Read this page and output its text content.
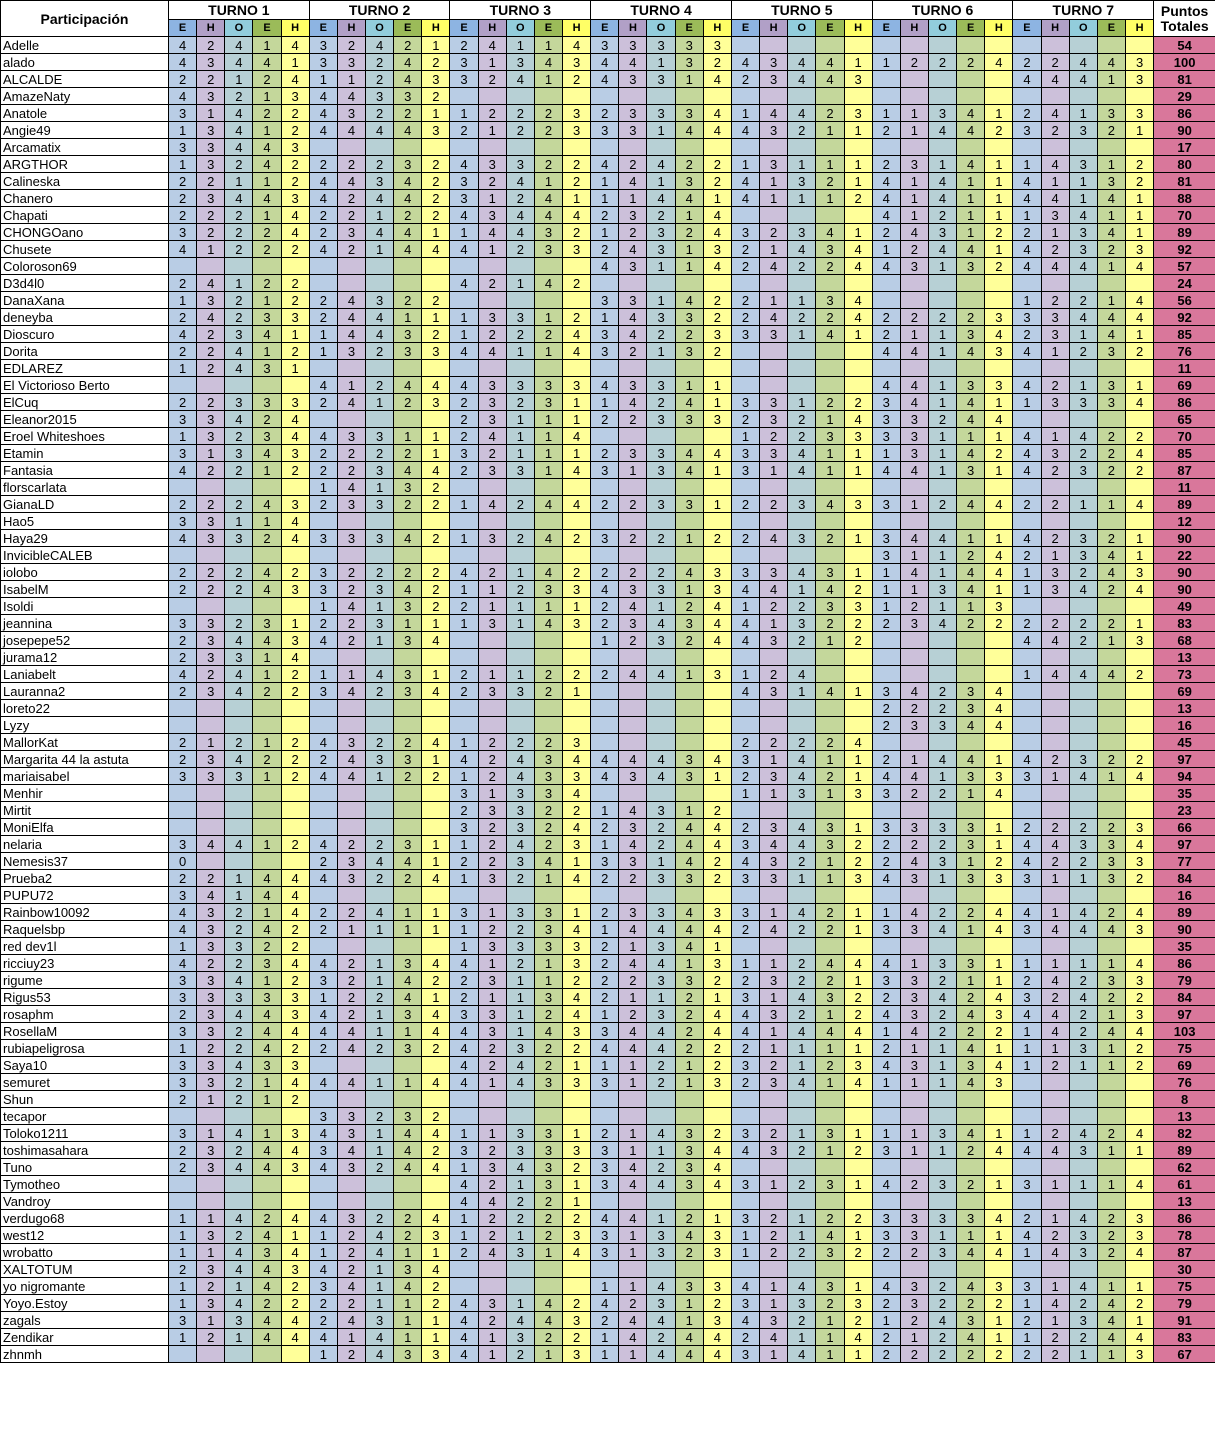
Participación	TURNO 1					TURNO 2					TURNO 3					TURNO 4					TURNO 5					TURNO 6					TURNO 7					Puntos
Totales
	E	H	O	E	H	E	H	O	E	H	E	H	O	E	H	E	H	O	E	H	E	H	O	E	H	E	H	O	E	H	E	H	O	E	H	
Adelle	4	2	4	1	4	3	2	4	2	1	2	4	1	1	4	3	3	3	3	3																54
alado	4	3	4	4	1	3	3	2	4	2	3	1	3	4	3	4	4	1	3	2	4	3	4	4	1	1	2	2	2	4	2	2	4	4	3	100
ALCALDE	2	2	1	2	4	1	1	2	4	3	3	2	4	1	2	4	3	3	1	4	2	3	4	4	3						4	4	4	1	3	81
AmazeNaty	4	3	2	1	3	4	4	3	3	2																										29
Anatole	3	1	4	2	2	4	3	2	2	1	1	2	2	2	3	2	3	3	3	4	1	4	4	2	3	1	1	3	4	1	2	4	1	3	3	86
Angie49	1	3	4	1	2	4	4	4	4	3	2	1	2	2	3	3	3	1	4	4	4	3	2	1	1	2	1	4	4	2	3	2	3	2	1	90
Arcamatix	3	3	4	4	3																															17
ARGTHOR	1	3	2	4	2	2	2	2	3	2	4	3	3	2	2	4	2	4	2	2	1	3	1	1	1	2	3	1	4	1	1	4	3	1	2	80
Calineska	2	2	1	1	2	4	4	3	4	2	3	2	4	1	2	1	4	1	3	2	4	1	3	2	1	4	1	4	1	1	4	1	1	3	2	81
Chanero	2	3	4	4	3	4	2	4	4	2	3	1	2	4	1	1	1	4	4	1	4	1	1	1	2	4	1	4	1	1	4	4	1	4	1	88
Chapati	2	2	2	1	4	2	2	1	2	2	4	3	4	4	4	2	3	2	1	4						4	1	2	1	1	1	3	4	1	1	70
CHONGOano	3	2	2	2	4	2	3	4	4	1	1	4	4	3	2	1	2	3	2	4	3	2	3	4	1	2	4	3	1	2	2	1	3	4	1	89
Chusete	4	1	2	2	2	4	2	1	4	4	4	1	2	3	3	2	4	3	1	3	2	1	4	3	4	1	2	4	4	1	4	2	3	2	3	92
Coloroson69																4	3	1	1	4	2	4	2	2	4	4	3	1	3	2	4	4	4	1	4	57
D3d4l0	2	4	1	2	2						4	2	1	4	2																					24
DanaXana	1	3	2	1	2	2	4	3	2	2						3	3	1	4	2	2	1	1	3	4						1	2	2	1	4	56
deneyba	2	4	2	3	3	2	4	4	1	1	1	3	3	1	2	1	4	3	3	2	2	4	2	2	4	2	2	2	2	3	3	3	4	4	4	92
Dioscuro	4	2	3	4	1	1	4	4	3	2	1	2	2	2	4	3	4	2	2	3	3	3	1	4	1	2	1	1	3	4	2	3	1	4	1	85
Dorita	2	2	4	1	2	1	3	2	3	3	4	4	1	1	4	3	2	1	3	2						4	4	1	4	3	4	1	2	3	2	76
EDLAREZ	1	2	4	3	1																															11
El Victorioso Berto						4	1	2	4	4	4	3	3	3	3	4	3	3	1	1						4	4	1	3	3	4	2	1	3	1	69
ElCuq	2	2	3	3	3	2	4	1	2	3	2	3	2	3	1	1	4	2	4	1	3	3	1	2	2	3	4	1	4	1	1	3	3	3	4	86
Eleanor2015	3	3	4	2	4						2	3	1	1	1	2	2	3	3	3	2	3	2	1	4	3	3	2	4	4						65
Eroel Whiteshoes	1	3	2	3	4	4	3	3	1	1	2	4	1	1	4						1	2	2	3	3	3	3	1	1	1	4	1	4	2	2	70
Etamin	3	1	3	4	3	2	2	2	2	1	3	2	1	1	1	2	3	3	4	4	3	3	4	1	1	1	3	1	4	2	4	3	2	2	4	85
Fantasia	4	2	2	1	2	2	2	3	4	4	2	3	3	1	4	3	1	3	4	1	3	1	4	1	1	4	4	1	3	1	4	2	3	2	2	87
florscarlata						1	4	1	3	2																										11
GianaLD	2	2	2	4	3	2	3	3	2	2	1	4	2	4	4	2	2	3	3	1	2	2	3	4	3	3	1	2	4	4	2	2	1	1	4	89
Hao5	3	3	1	1	4																															12
Haya29	4	3	3	2	4	3	3	3	4	2	1	3	2	4	2	3	2	2	1	2	2	4	3	2	1	3	4	4	1	1	4	2	3	2	1	90
InvicibleCALEB																										3	1	1	2	4	2	1	3	4	1	22
iolobo	2	2	2	4	2	3	2	2	2	2	4	2	1	4	2	2	2	2	4	3	3	3	4	3	1	1	4	1	4	4	1	3	2	4	3	90
IsabelM	2	2	2	4	3	3	2	3	4	2	1	1	2	3	3	4	3	3	1	3	4	4	1	4	2	1	1	3	4	1	1	3	4	2	4	90
Isoldi						1	4	1	3	2	2	1	1	1	1	2	4	1	2	4	1	2	2	3	3	1	2	1	1	3						49
jeannina	3	3	2	3	1	2	2	3	1	1	1	3	1	4	3	2	3	4	3	4	4	1	3	2	2	2	3	4	2	2	2	2	2	2	1	83
josepepe52	2	3	4	4	3	4	2	1	3	4						1	2	3	2	4	4	3	2	1	2						4	4	2	1	3	68
jurama12	2	3	3	1	4																															13
Laniabelt	4	2	4	1	2	1	1	4	3	1	2	1	1	2	2	2	4	4	1	3	1	2	4								1	4	4	4	2	73
Lauranna2	2	3	4	2	2	3	4	2	3	4	2	3	3	2	1						4	3	1	4	1	3	4	2	3	4						69
loreto22																										2	2	2	3	4						13
Lyzy																										2	3	3	4	4						16
MallorKat	2	1	2	1	2	4	3	2	2	4	1	2	2	2	3						2	2	2	2	4											45
Margarita 44 la astuta	2	3	4	2	2	2	4	3	3	1	4	2	4	3	4	4	4	4	3	4	3	1	4	1	1	2	1	4	4	1	4	2	3	2	2	97
mariaisabel	3	3	3	1	2	4	4	1	2	2	1	2	4	3	3	4	3	4	3	1	2	3	4	2	1	4	4	1	3	3	3	1	4	1	4	94
Menhir											3	1	3	3	4						1	1	3	1	3	3	2	2	1	4						35
Mirtit											2	3	3	2	2	1	4	3	1	2																23
MoniElfa											3	2	3	2	4	2	3	2	4	4	2	3	4	3	1	3	3	3	3	1	2	2	2	2	3	66
nelaria	3	4	4	1	2	4	2	2	3	1	1	2	4	2	3	1	4	2	4	4	3	4	4	3	2	2	2	2	3	1	4	4	3	3	4	97
Nemesis37	0					2	3	4	4	1	2	2	3	4	1	3	3	1	4	2	4	3	2	1	2	2	4	3	1	2	4	2	2	3	3	77
Prueba2	2	2	1	4	4	4	3	2	2	4	1	3	2	1	4	2	2	3	3	2	3	3	1	1	3	4	3	1	3	3	3	1	1	3	2	84
PUPU72	3	4	1	4	4																															16
Rainbow10092	4	3	2	1	4	2	2	4	1	1	3	1	3	3	1	2	3	3	4	3	3	1	4	2	1	1	4	2	2	4	4	1	4	2	4	89
Raquelsbp	4	3	2	4	2	2	1	1	1	1	1	2	2	3	4	1	4	4	4	4	2	4	2	2	1	3	3	4	1	4	3	4	4	4	3	90
red dev1l	1	3	3	2	2						1	3	3	3	3	2	1	3	4	1																35
ricciuy23	4	2	2	3	4	4	2	1	3	4	4	1	2	1	3	2	4	4	1	3	1	1	2	4	4	4	1	3	3	1	1	1	1	1	4	86
rigume	3	3	4	1	2	3	2	1	4	2	2	3	1	1	2	2	2	3	3	2	2	3	2	2	1	3	3	2	1	1	2	4	2	3	3	79
Rigus53	3	3	3	3	3	1	2	2	4	1	2	1	1	3	4	2	1	1	2	1	3	1	4	3	2	2	3	4	2	4	3	2	4	2	2	84
rosaphm	2	3	4	4	3	4	2	1	3	4	3	3	1	2	4	1	2	3	2	4	4	3	2	1	2	4	3	2	4	3	4	4	2	1	3	97
RosellaM	3	3	2	4	4	4	4	1	1	4	4	3	1	4	3	3	4	4	2	4	4	1	4	4	4	1	4	2	2	2	1	4	2	4	4	103
rubiapeligrosa	1	2	2	4	2	2	4	2	3	2	4	2	3	2	2	4	4	4	2	2	2	1	1	1	1	2	1	1	4	1	1	1	3	1	2	75
Saya10	3	3	4	3	3						4	2	4	2	1	1	1	2	1	2	3	2	1	2	3	4	3	1	3	4	1	2	1	1	2	69
semuret	3	3	2	1	4	4	4	1	1	4	4	1	4	3	3	3	1	2	1	3	2	3	4	1	4	1	1	1	4	3						76
Shun	2	1	2	1	2																															8
tecapor						3	3	2	3	2																										13
Toloko1211	3	1	4	1	3	4	3	1	4	4	1	1	3	3	1	2	1	4	3	2	3	2	1	3	1	1	1	3	4	1	1	2	4	2	4	82
toshimasahara	2	3	2	4	4	3	4	1	4	2	3	2	3	3	3	3	1	1	3	4	4	3	2	1	2	3	1	1	2	4	4	4	3	1	1	89
Tuno	2	3	4	4	3	4	3	2	4	4	1	3	4	3	2	3	4	2	3	4																62
Tymotheo											4	2	1	3	1	3	4	4	3	4	3	1	2	3	1	4	2	3	2	1	3	1	1	1	4	61
Vandroy											4	4	2	2	1																					13
verdugo68	1	1	4	2	4	4	3	2	2	4	1	2	2	2	2	4	4	1	2	1	3	2	1	2	2	3	3	3	3	4	2	1	4	2	3	86
west12	1	3	2	4	1	1	2	4	2	3	1	2	1	2	3	3	1	3	4	3	1	2	1	4	1	3	3	1	1	1	4	2	3	2	3	78
wrobatto	1	1	4	3	4	1	2	4	1	1	2	4	3	1	4	3	1	3	2	3	1	2	2	3	2	2	2	3	4	4	1	4	3	2	4	87
XALTOTUM	2	3	4	4	3	4	2	1	3	4																										30
yo nigromante	1	2	1	4	2	3	4	1	4	2						1	1	4	3	3	4	1	4	3	1	4	3	2	4	3	3	1	4	1	1	75
Yoyo.Estoy	1	3	4	2	2	2	2	1	1	2	4	3	1	4	2	4	2	3	1	2	3	1	3	2	3	2	3	2	2	2	1	4	2	4	2	79
zagals	3	1	3	4	4	2	4	3	1	1	4	2	4	4	3	2	4	4	1	3	4	3	2	1	2	1	2	4	3	1	2	1	3	4	1	91
Zendikar	1	2	1	4	4	4	1	4	1	1	4	1	3	2	2	1	4	2	4	4	2	4	1	1	4	2	1	2	4	1	1	2	2	4	4	83
zhnmh						1	2	4	3	3	4	1	2	1	3	1	1	4	4	4	3	1	4	1	1	2	2	2	2	2	2	2	1	1	3	67
